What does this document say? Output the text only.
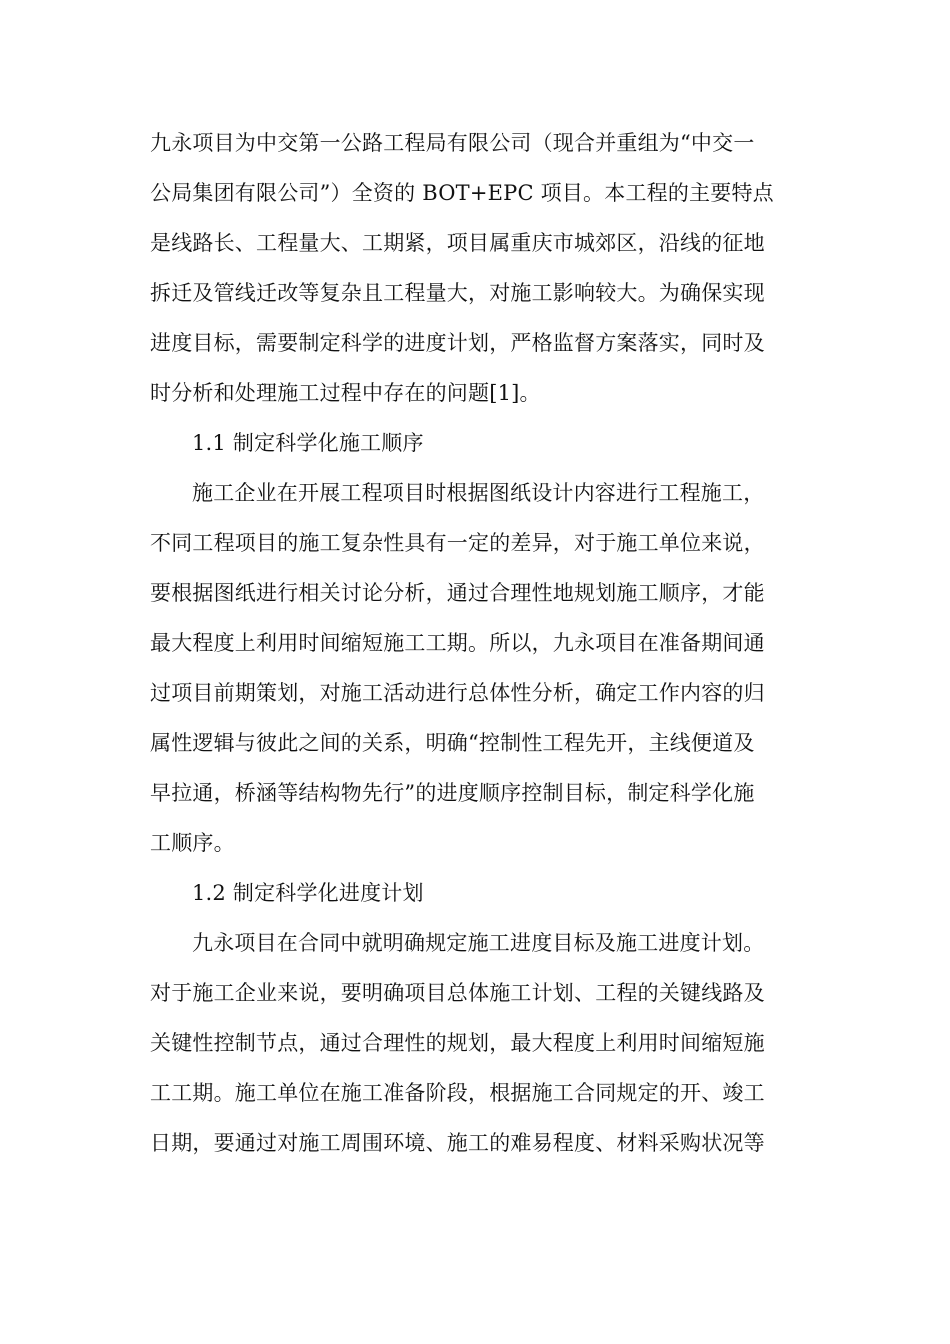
九永项目为中交第一公路工程局有限公司（现合并重组为“中交一
公局集团有限公司”）全资的 BOT+EPC 项目。本工程的主要特点
是线路长、工程量大、工期紧，项目属重庆市城郊区，沿线的征地
拆迁及管线迁改等复杂且工程量大，对施工影响较大。为确保实现
进度目标，需要制定科学的进度计划，严格监督方案落实，同时及
时分析和处理施工过程中存在的问题[1]。
1.1 制定科学化施工顺序
施工企业在开展工程项目时根据图纸设计内容进行工程施工，
不同工程项目的施工复杂性具有一定的差异，对于施工单位来说，
要根据图纸进行相关讨论分析，通过合理性地规划施工顺序，才能
最大程度上利用时间缩短施工工期。所以，九永项目在准备期间通
过项目前期策划，对施工活动进行总体性分析，确定工作内容的归
属性逻辑与彼此之间的关系，明确“控制性工程先开，主线便道及
早拉通，桥涵等结构物先行”的进度顺序控制目标，制定科学化施
工顺序。
1.2 制定科学化进度计划
九永项目在合同中就明确规定施工进度目标及施工进度计划。
对于施工企业来说，要明确项目总体施工计划、工程的关键线路及
关键性控制节点，通过合理性的规划，最大程度上利用时间缩短施
工工期。施工单位在施工准备阶段，根据施工合同规定的开、竣工
日期，要通过对施工周围环境、施工的难易程度、材料采购状况等
